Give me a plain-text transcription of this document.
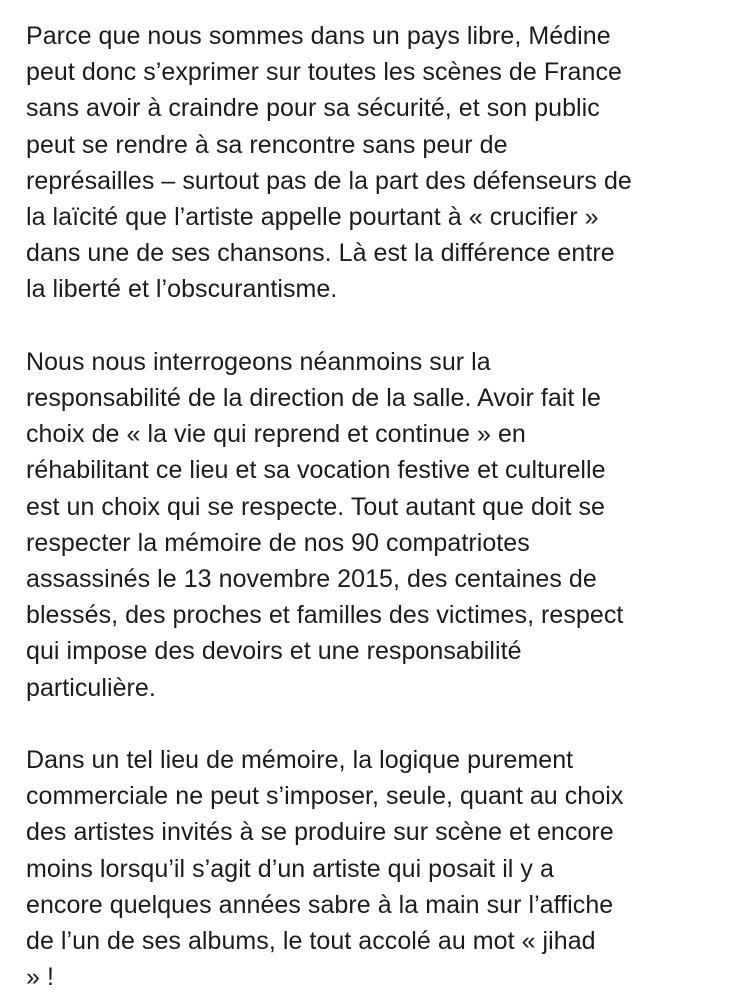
Parce que nous sommes dans un pays libre, Médine
peut donc s’exprimer sur toutes les scènes de France
sans avoir à craindre pour sa sécurité, et son public
peut se rendre à sa rencontre sans peur de
représailles – surtout pas de la part des défenseurs de
la laïcité que l’artiste appelle pourtant à « crucifier »
dans une de ses chansons. Là est la différence entre
la liberté et l’obscurantisme.

Nous nous interrogeons néanmoins sur la
responsabilité de la direction de la salle. Avoir fait le
choix de « la vie qui reprend et continue » en
réhabilitant ce lieu et sa vocation festive et culturelle
est un choix qui se respecte. Tout autant que doit se
respecter la mémoire de nos 90 compatriotes
assassinés le 13 novembre 2015, des centaines de
blessés, des proches et familles des victimes, respect
qui impose des devoirs et une responsabilité
particulière.

Dans un tel lieu de mémoire, la logique purement
commerciale ne peut s’imposer, seule, quant au choix
des artistes invités à se produire sur scène et encore
moins lorsqu’il s’agit d’un artiste qui posait il y a
encore quelques années sabre à la main sur l’affiche
de l’un de ses albums, le tout accolé au mot « jihad
» !
